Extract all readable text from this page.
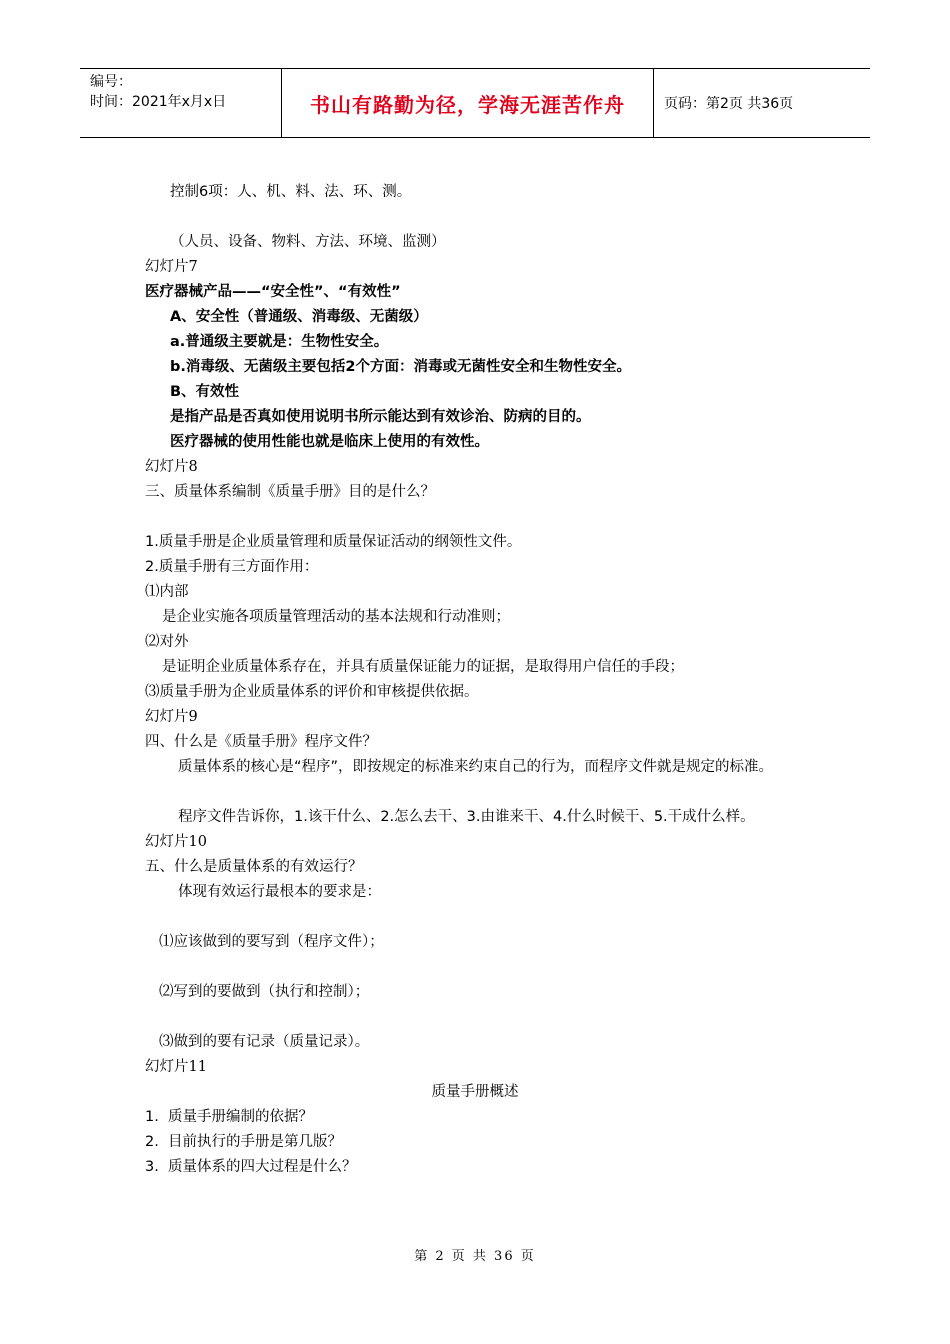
编号：
时间：2021年x月x日	书山有路勤为径，学海无涯苦作舟	页码：第2页 共36页
控制6项：人、机、料、法、环、测。
（人员、设备、物料、方法、环境、监测）
幻灯片7
医疗器械产品——“安全性”、“有效性”
A、安全性（普通级、消毒级、无菌级）
a.普通级主要就是：生物性安全。
b.消毒级、无菌级主要包括2个方面：消毒或无菌性安全和生物性安全。
B、有效性
是指产品是否真如使用说明书所示能达到有效诊治、防病的目的。
医疗器械的使用性能也就是临床上使用的有效性。
幻灯片8
三、质量体系编制《质量手册》目的是什么？
1.质量手册是企业质量管理和质量保证活动的纲领性文件。
2.质量手册有三方面作用：
⑴内部
是企业实施各项质量管理活动的基本法规和行动准则；
⑵对外
是证明企业质量体系存在，并具有质量保证能力的证据，是取得用户信任的手段；
⑶质量手册为企业质量体系的评价和审核提供依据。
幻灯片9
四、什么是《质量手册》程序文件？
质量体系的核心是“程序”，即按规定的标准来约束自己的行为，而程序文件就是规定的标准。
程序文件告诉你，1.该干什么、2.怎么去干、3.由谁来干、4.什么时候干、5.干成什么样。
幻灯片10
五、什么是质量体系的有效运行？
体现有效运行最根本的要求是：
⑴应该做到的要写到（程序文件）；
⑵写到的要做到（执行和控制）；
⑶做到的要有记录（质量记录）。
幻灯片11
质量手册概述
1.  质量手册编制的依据？
2.  目前执行的手册是第几版？
3.  质量体系的四大过程是什么？
第 2 页 共 36 页
